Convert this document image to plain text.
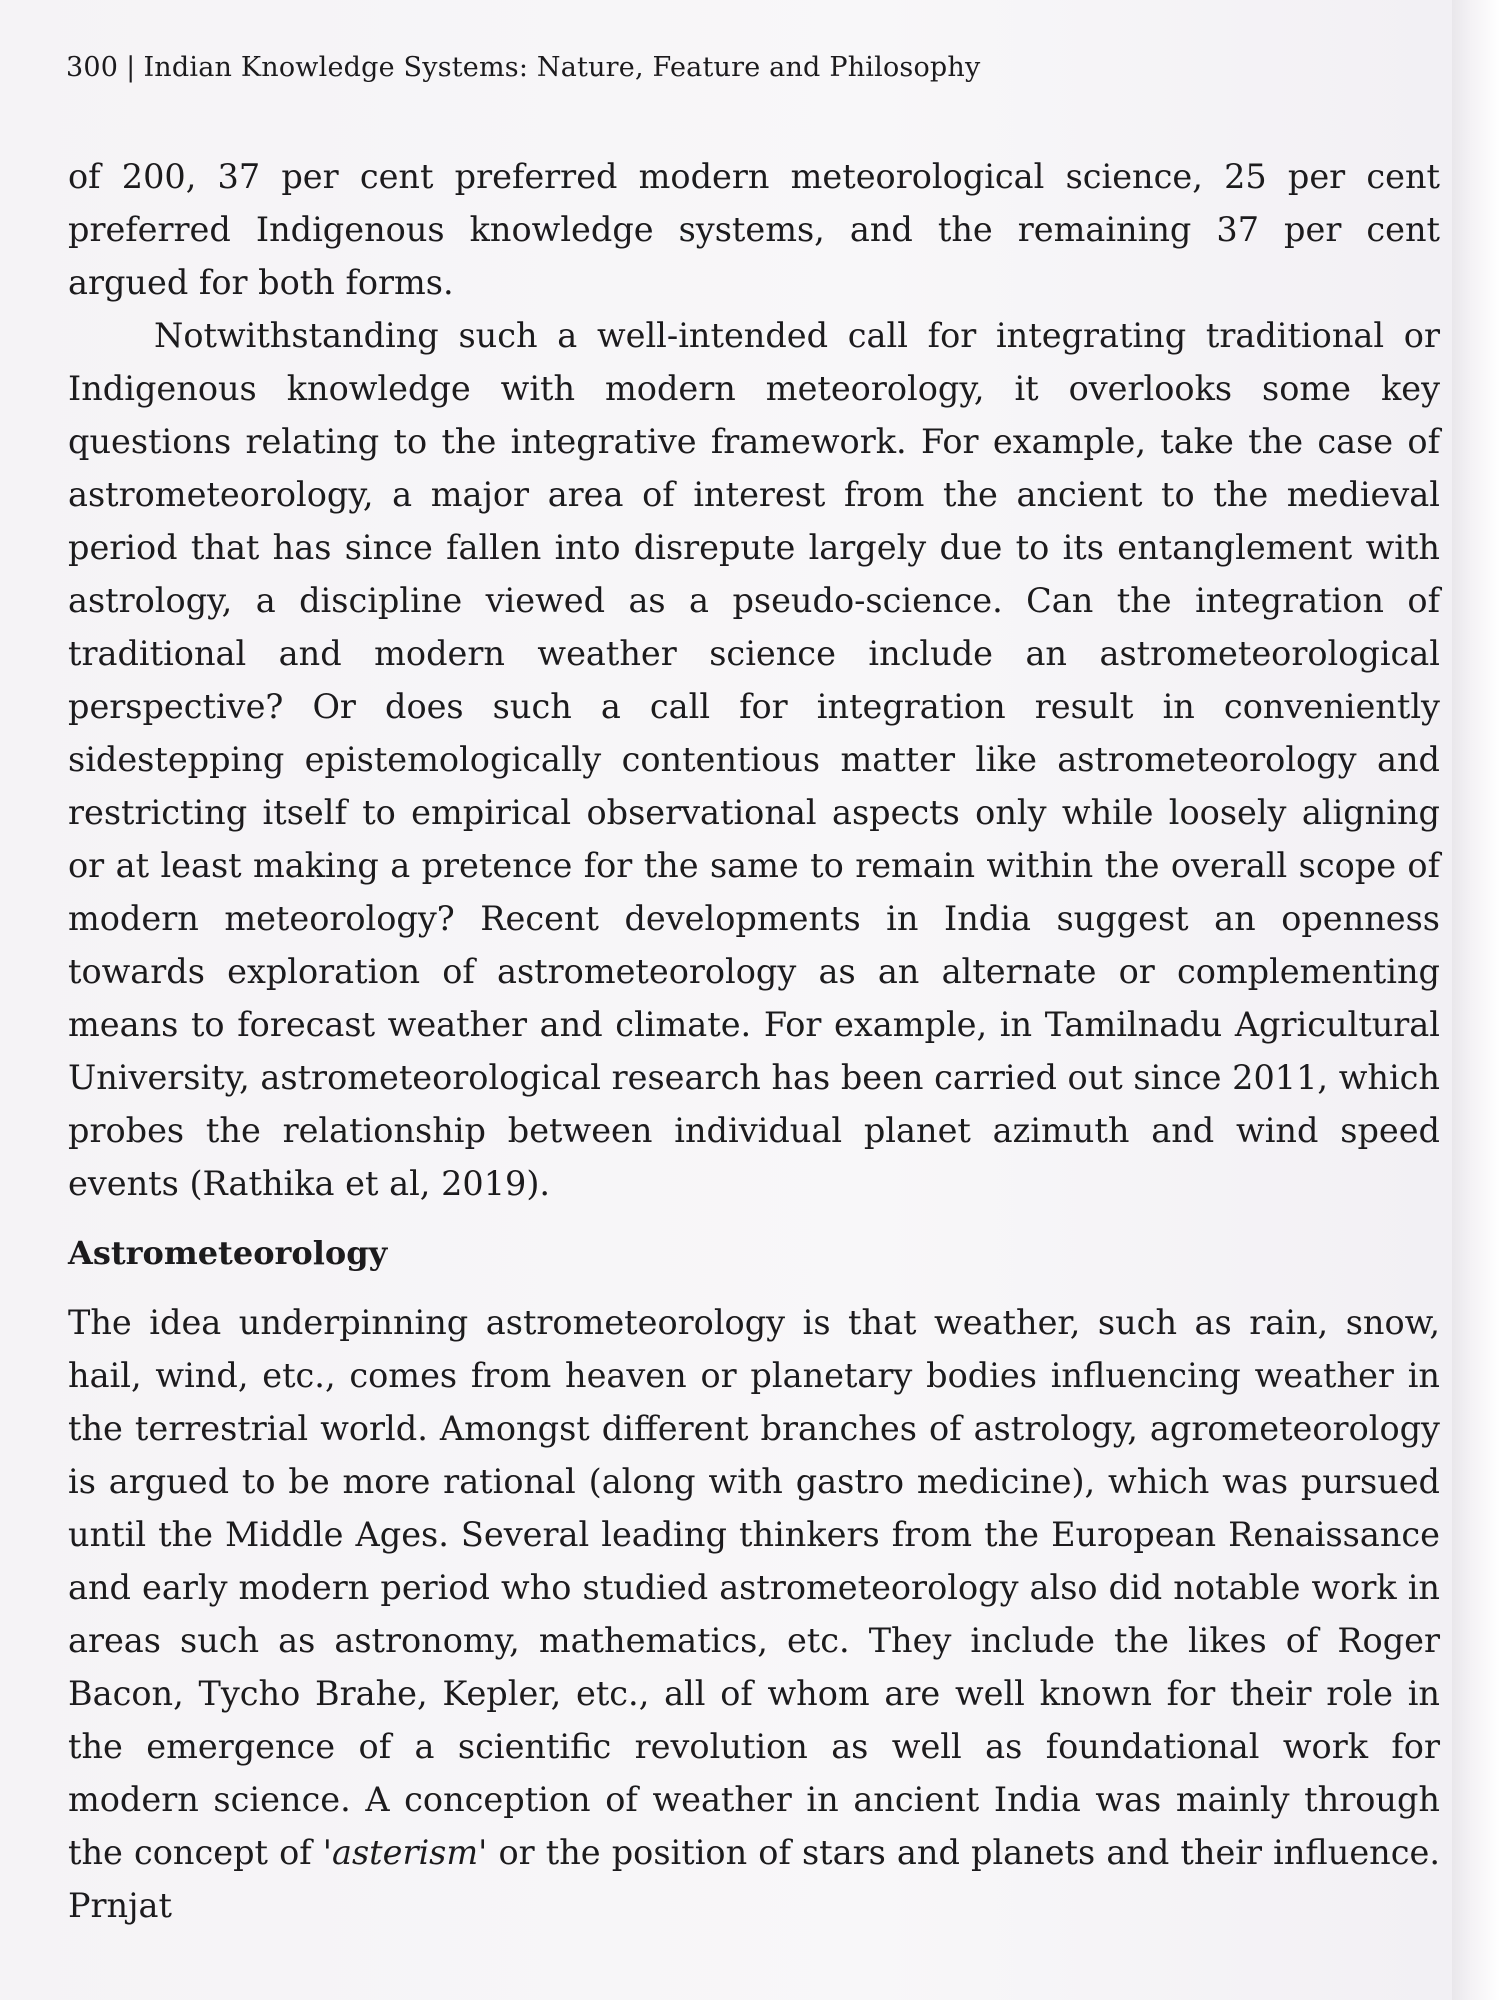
300 | Indian Knowledge Systems: Nature, Feature and Philosophy

of 200, 37 per cent preferred modern meteorological science, 25 per cent preferred Indigenous knowledge systems, and the remaining 37 per cent argued for both forms.

Notwithstanding such a well-intended call for integrating traditional or Indigenous knowledge with modern meteorology, it overlooks some key questions relating to the integrative framework. For example, take the case of astrometeorology, a major area of interest from the ancient to the medieval period that has since fallen into disrepute largely due to its entanglement with astrology, a discipline viewed as a pseudo-science. Can the integration of traditional and modern weather science include an astrometeorological perspective? Or does such a call for integration result in conveniently sidestepping epistemologically contentious matter like astrometeorology and restricting itself to empirical observational aspects only while loosely aligning or at least making a pretence for the same to remain within the overall scope of modern meteorology? Recent developments in India suggest an openness towards exploration of astrometeorology as an alternate or complementing means to forecast weather and climate. For example, in Tamilnadu Agricultural University, astrometeorological research has been carried out since 2011, which probes the relationship between individual planet azimuth and wind speed events (Rathika et al, 2019).

Astrometeorology

The idea underpinning astrometeorology is that weather, such as rain, snow, hail, wind, etc., comes from heaven or planetary bodies influencing weather in the terrestrial world. Amongst different branches of astrology, agrometeorology is argued to be more rational (along with gastro medicine), which was pursued until the Middle Ages. Several leading thinkers from the European Renaissance and early modern period who studied astrometeorology also did notable work in areas such as astronomy, mathematics, etc. They include the likes of Roger Bacon, Tycho Brahe, Kepler, etc., all of whom are well known for their role in the emergence of a scientific revolution as well as foundational work for modern science. A conception of weather in ancient India was mainly through the concept of 'asterism' or the position of stars and planets and their influence. Prnjat
